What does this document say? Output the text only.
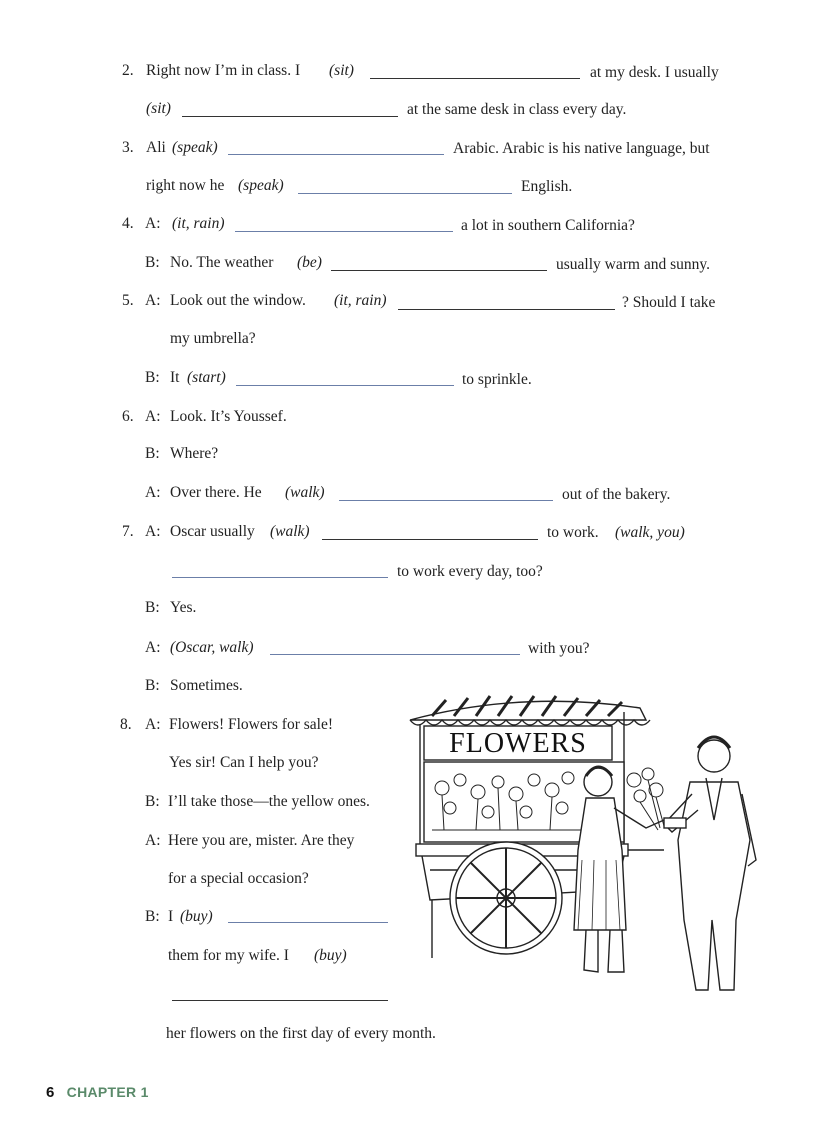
2. Right now I’m in class. I (sit)	at my desk. I usually
(sit)	at the same desk in class every day.
3. Ali (speak)	Arabic. Arabic is his native language, but
right now he (speak)	English.
4. A: (it, rain)	a lot in southern California?
B: No. The weather (be)	usually warm and sunny.
5. A: Look out the window. (it, rain)	? Should I take
my umbrella?
B: It (start)	to sprinkle.
6. A: Look. It’s Youssef.
B: Where?
A: Over there. He (walk)	out of the bakery.
7. A: Oscar usually (walk)	to work. (walk, you)
to work every day, too?
B: Yes.
A: (Oscar, walk)	with you?
B: Sometimes.
8. A: Flowers! Flowers for sale!
Yes sir! Can I help you?
B: I’ll take those—the yellow ones.
A: Here you are, mister. Are they
for a special occasion?
B: I (buy)
them for my wife. I (buy)
her flowers on the first day of every month.
FLOWERS
6 CHAPTER 1
